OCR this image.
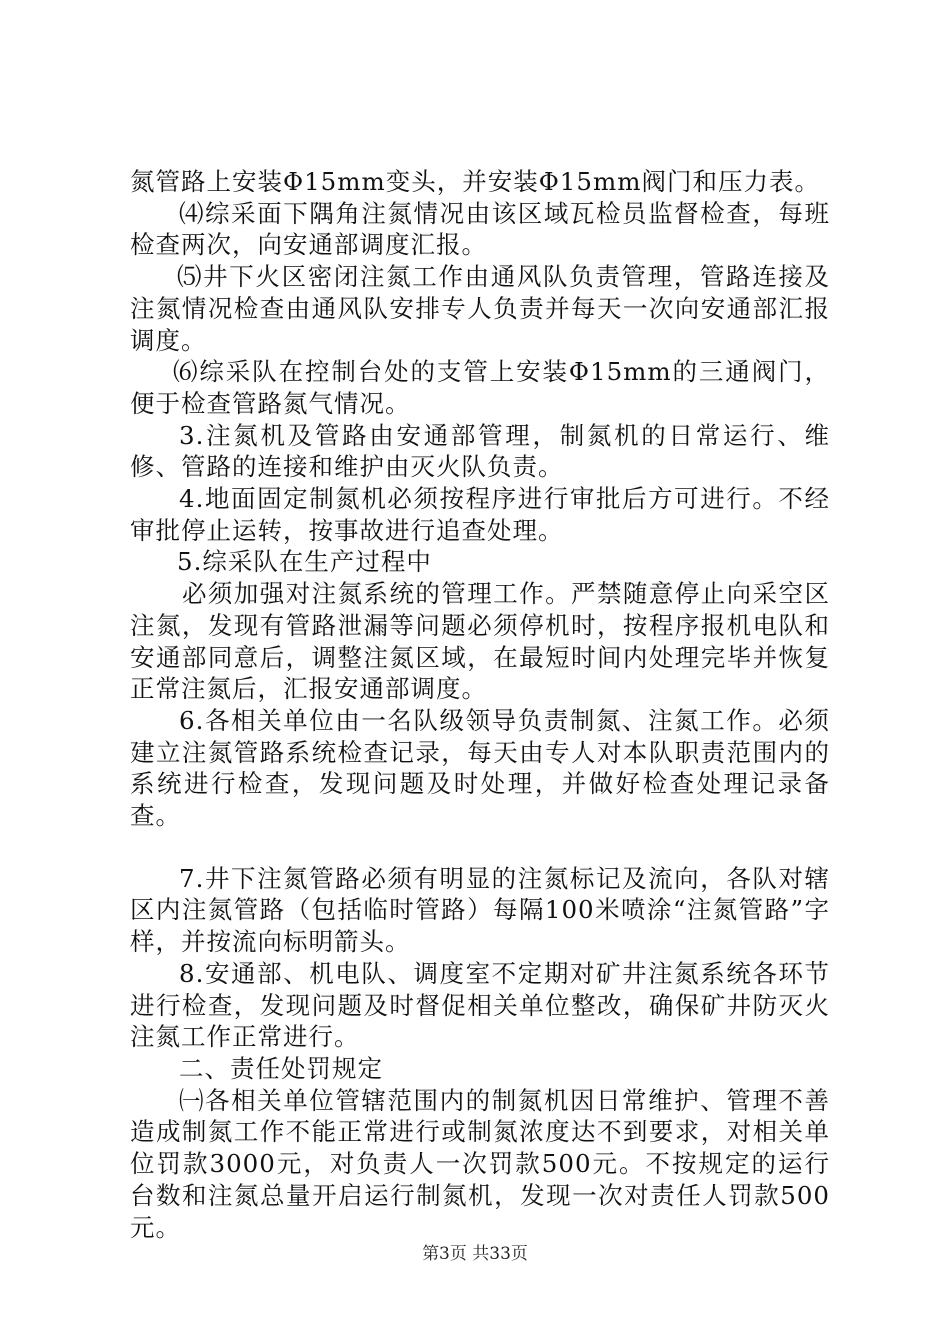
氮管路上安装Φ15mm变头，并安装Φ15mm阀门和压力表。

⑷综采面下隅角注氮情况由该区域瓦检员监督检查，每班检查两次，向安通部调度汇报。

⑸井下火区密闭注氮工作由通风队负责管理，管路连接及注氮情况检查由通风队安排专人负责并每天一次向安通部汇报调度。

⑹综采队在控制台处的支管上安装Φ15mm的三通阀门，便于检查管路氮气情况。

3.注氮机及管路由安通部管理，制氮机的日常运行、维修、管路的连接和维护由灭火队负责。

4.地面固定制氮机必须按程序进行审批后方可进行。不经审批停止运转，按事故进行追查处理。

5.综采队在生产过程中

必须加强对注氮系统的管理工作。严禁随意停止向采空区注氮，发现有管路泄漏等问题必须停机时，按程序报机电队和安通部同意后，调整注氮区域，在最短时间内处理完毕并恢复正常注氮后，汇报安通部调度。

6.各相关单位由一名队级领导负责制氮、注氮工作。必须建立注氮管路系统检查记录，每天由专人对本队职责范围内的系统进行检查，发现问题及时处理，并做好检查处理记录备查。

7.井下注氮管路必须有明显的注氮标记及流向，各队对辖区内注氮管路（包括临时管路）每隔100米喷涂“注氮管路”字样，并按流向标明箭头。

8.安通部、机电队、调度室不定期对矿井注氮系统各环节进行检查，发现问题及时督促相关单位整改，确保矿井防灭火注氮工作正常进行。

二、责任处罚规定

㈠各相关单位管辖范围内的制氮机因日常维护、管理不善造成制氮工作不能正常进行或制氮浓度达不到要求，对相关单位罚款3000元，对负责人一次罚款500元。不按规定的运行台数和注氮总量开启运行制氮机，发现一次对责任人罚款500元。

第3页 共33页
